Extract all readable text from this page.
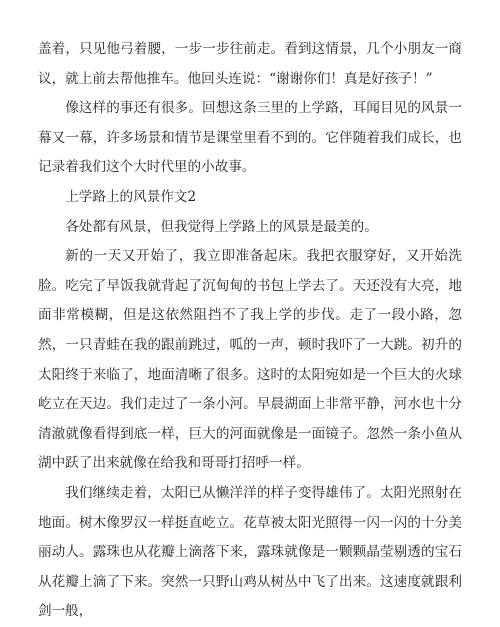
盖着，只见他弓着腰，一步一步往前走。看到这情景，几个小朋友一商议，就上前去帮他推车。他回头连说：“谢谢你们！真是好孩子！”

像这样的事还有很多。回想这条三里的上学路，耳闻目见的风景一幕又一幕，许多场景和情节是课堂里看不到的。它伴随着我们成长，也记录着我们这个大时代里的小故事。

上学路上的风景作文2

各处都有风景，但我觉得上学路上的风景是最美的。

新的一天又开始了，我立即准备起床。我把衣服穿好，又开始洗脸。吃完了早饭我就背起了沉甸甸的书包上学去了。天还没有大亮，地面非常模糊，但是这依然阻挡不了我上学的步伐。走了一段小路，忽然，一只青蛙在我的跟前跳过，呱的一声，顿时我吓了一大跳。初升的太阳终于来临了，地面清晰了很多。这时的太阳宛如是一个巨大的火球屹立在天边。我们走过了一条小河。早晨湖面上非常平静，河水也十分清澈就像看得到底一样，巨大的河面就像是一面镜子。忽然一条小鱼从湖中跃了出来就像在给我和哥哥打招呼一样。

我们继续走着，太阳已从懒洋洋的样子变得雄伟了。太阳光照射在地面。树木像罗汉一样挺直屹立。花草被太阳光照得一闪一闪的十分美丽动人。露珠也从花瓣上滴落下来，露珠就像是一颗颗晶莹剔透的宝石从花瓣上滴了下来。突然一只野山鸡从树丛中飞了出来。这速度就跟利剑一般，
